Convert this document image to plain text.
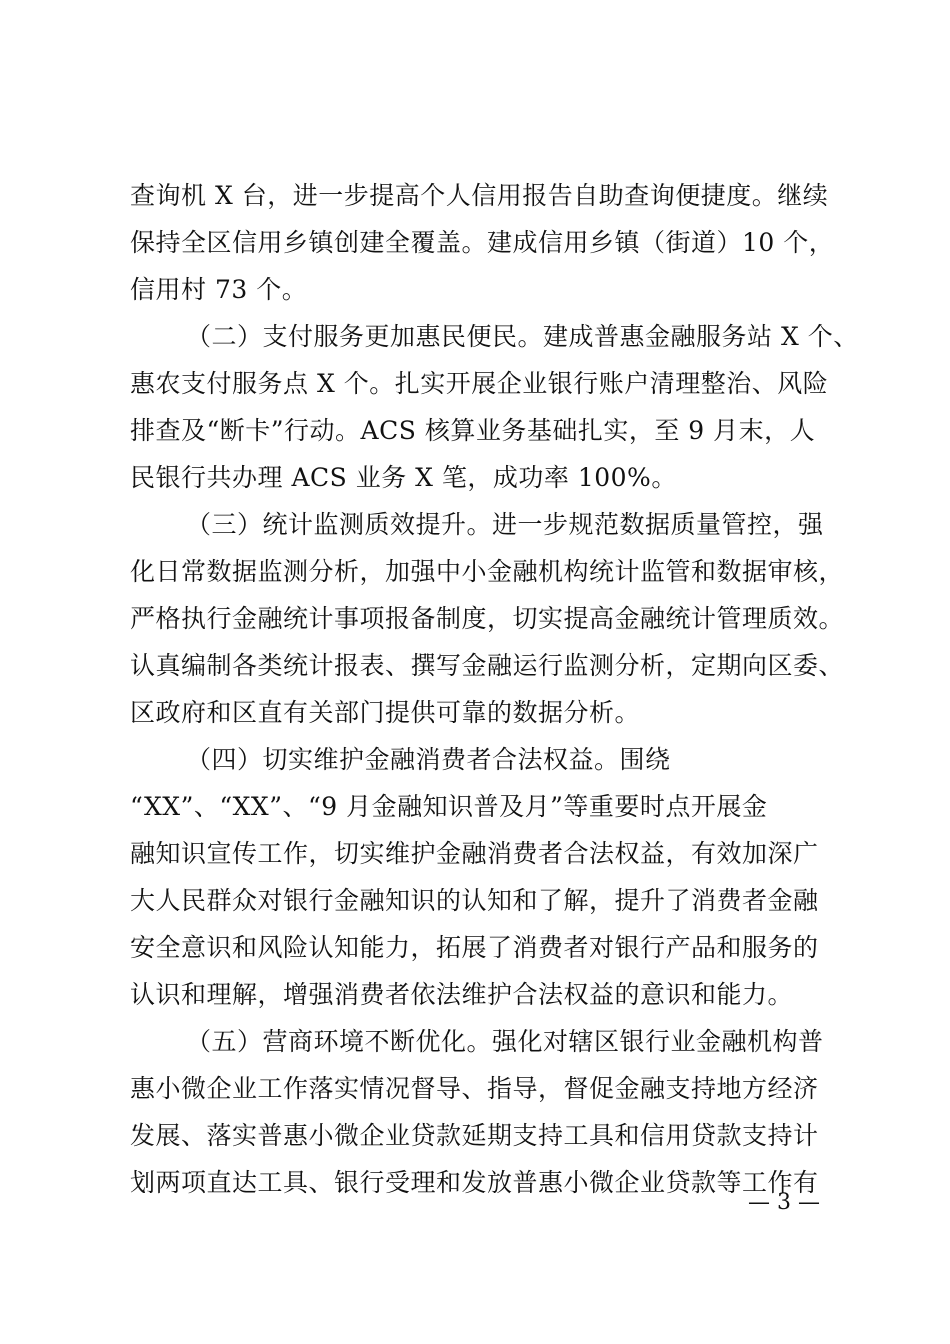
查询机 X 台，进一步提高个人信用报告自助查询便捷度。继续
保持全区信用乡镇创建全覆盖。建成信用乡镇（街道）10 个，
信用村 73 个。
（二）支付服务更加惠民便民。建成普惠金融服务站 X 个、
惠农支付服务点 X 个。扎实开展企业银行账户清理整治、风险
排查及“断卡”行动。ACS 核算业务基础扎实，至 9 月末，人
民银行共办理 ACS 业务 X 笔，成功率 100%。
（三）统计监测质效提升。进一步规范数据质量管控，强
化日常数据监测分析，加强中小金融机构统计监管和数据审核，
严格执行金融统计事项报备制度，切实提高金融统计管理质效。
认真编制各类统计报表、撰写金融运行监测分析，定期向区委、
区政府和区直有关部门提供可靠的数据分析。
（四）切实维护金融消费者合法权益。围绕
“XX”、“XX”、“9 月金融知识普及月”等重要时点开展金
融知识宣传工作，切实维护金融消费者合法权益，有效加深广
大人民群众对银行金融知识的认知和了解，提升了消费者金融
安全意识和风险认知能力，拓展了消费者对银行产品和服务的
认识和理解，增强消费者依法维护合法权益的意识和能力。
（五）营商环境不断优化。强化对辖区银行业金融机构普
惠小微企业工作落实情况督导、指导，督促金融支持地方经济
发展、落实普惠小微企业贷款延期支持工具和信用贷款支持计
划两项直达工具、银行受理和发放普惠小微企业贷款等工作有
— 3 —
